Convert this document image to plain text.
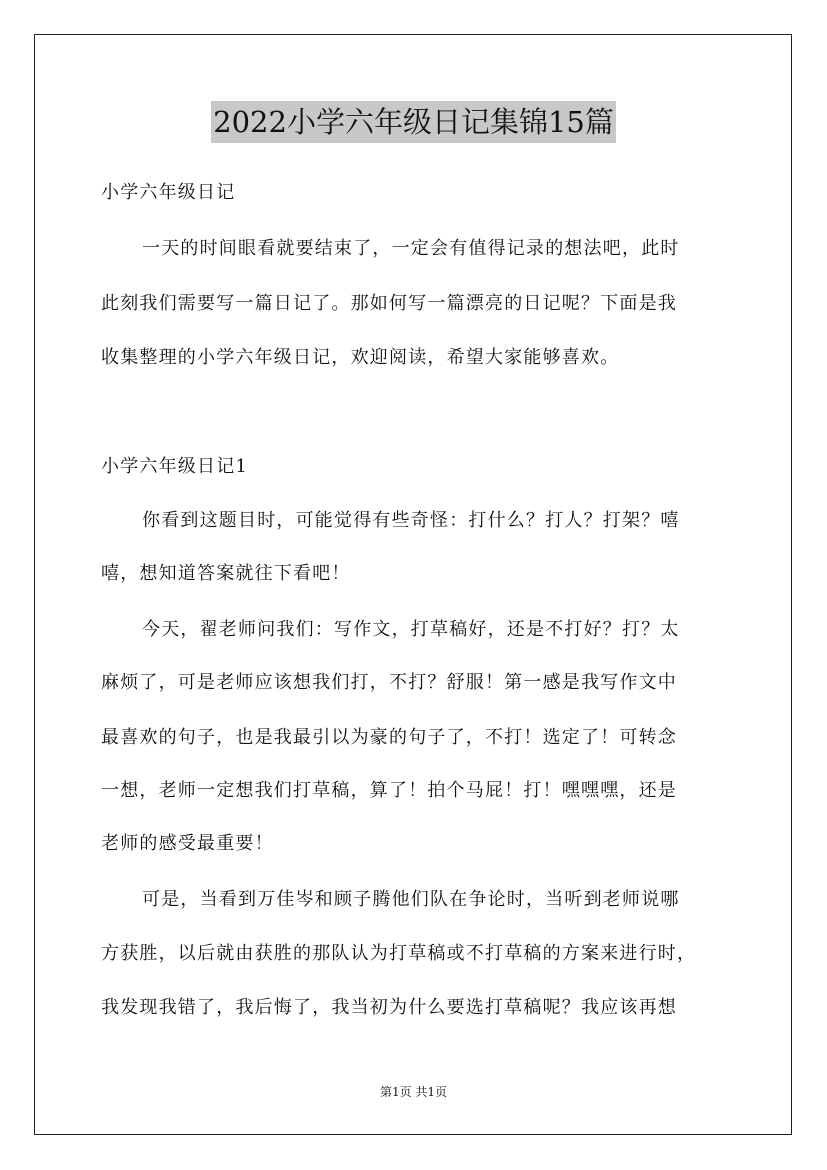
2022小学六年级日记集锦15篇

小学六年级日记

一天的时间眼看就要结束了，一定会有值得记录的想法吧，此时

此刻我们需要写一篇日记了。那如何写一篇漂亮的日记呢？下面是我

收集整理的小学六年级日记，欢迎阅读，希望大家能够喜欢。

小学六年级日记1

你看到这题目时，可能觉得有些奇怪：打什么？打人？打架？嘻

嘻，想知道答案就往下看吧！

今天，翟老师问我们：写作文，打草稿好，还是不打好？打？太

麻烦了，可是老师应该想我们打，不打？舒服！第一感是我写作文中

最喜欢的句子，也是我最引以为豪的句子了，不打！选定了！可转念

一想，老师一定想我们打草稿，算了！拍个马屁！打！嘿嘿嘿，还是

老师的感受最重要！

可是，当看到万佳岑和顾子腾他们队在争论时，当听到老师说哪

方获胜，以后就由获胜的那队认为打草稿或不打草稿的方案来进行时，

我发现我错了，我后悔了，我当初为什么要选打草稿呢？我应该再想

第1页 共1页
